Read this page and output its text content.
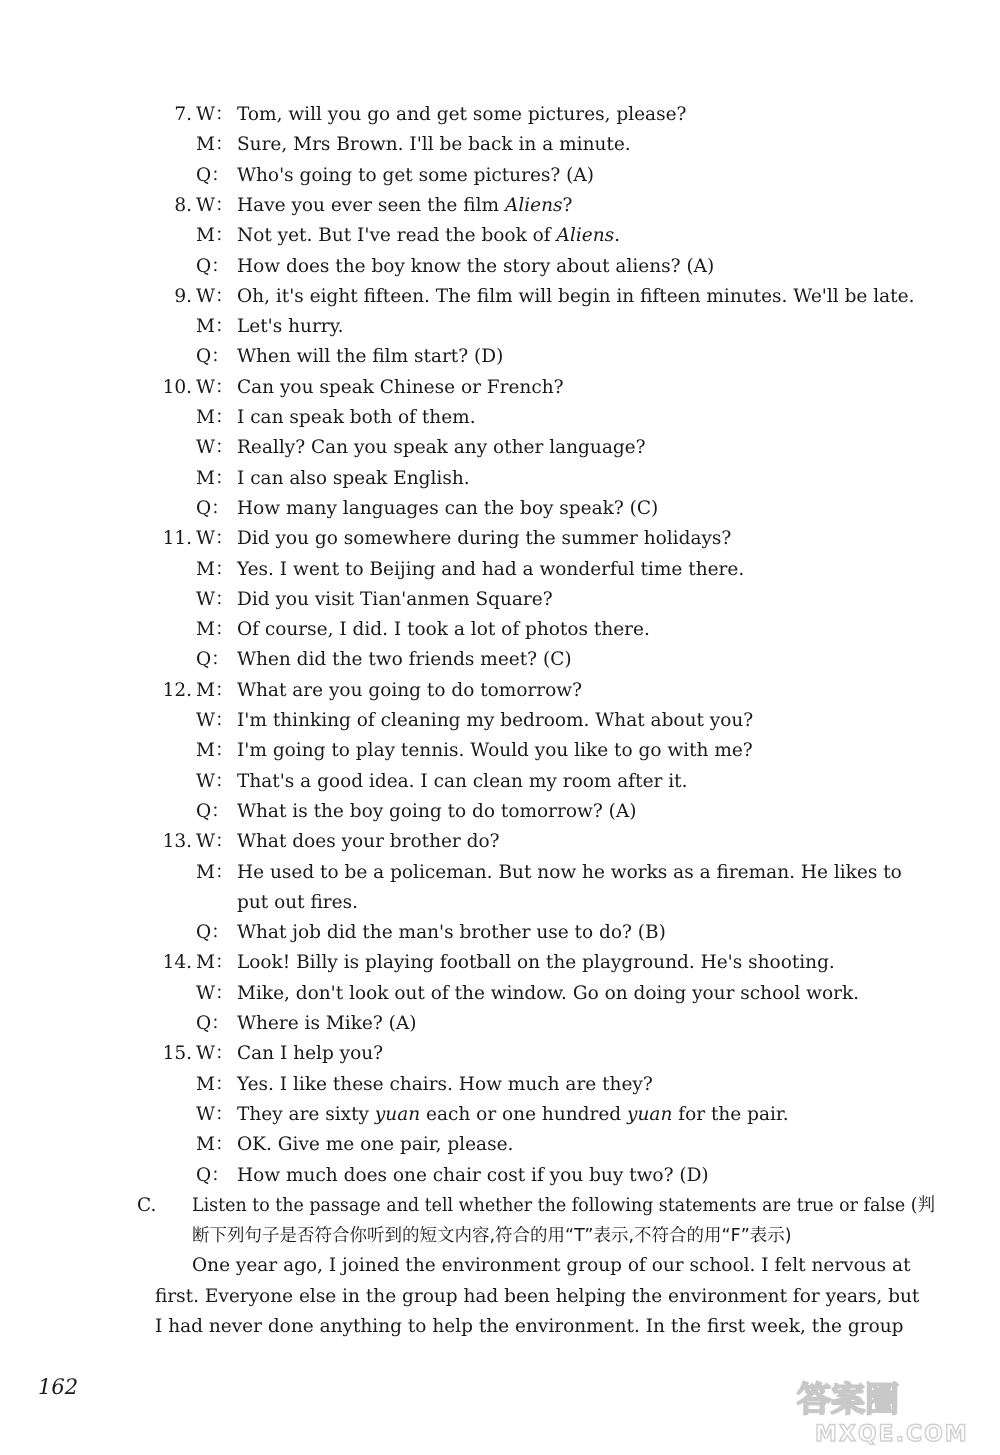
7. W： Tom, will you go and get some pictures, please?
M： Sure, Mrs Brown. I'll be back in a minute.
Q： Who's going to get some pictures? (A)
8. W： Have you ever seen the film Aliens?
M： Not yet. But I've read the book of Aliens.
Q： How does the boy know the story about aliens? (A)
9. W： Oh, it's eight fifteen. The film will begin in fifteen minutes. We'll be late.
M： Let's hurry.
Q： When will the film start? (D)
10. W： Can you speak Chinese or French?
M： I can speak both of them.
W： Really? Can you speak any other language?
M： I can also speak English.
Q： How many languages can the boy speak? (C)
11. W： Did you go somewhere during the summer holidays?
M： Yes. I went to Beijing and had a wonderful time there.
W： Did you visit Tian'anmen Square?
M： Of course, I did. I took a lot of photos there.
Q： When did the two friends meet? (C)
12. M： What are you going to do tomorrow?
W： I'm thinking of cleaning my bedroom. What about you?
M： I'm going to play tennis. Would you like to go with me?
W： That's a good idea. I can clean my room after it.
Q： What is the boy going to do tomorrow? (A)
13. W： What does your brother do?
M： He used to be a policeman. But now he works as a fireman. He likes to
put out fires.
Q： What job did the man's brother use to do? (B)
14. M： Look! Billy is playing football on the playground. He's shooting.
W： Mike, don't look out of the window. Go on doing your school work.
Q： Where is Mike? (A)
15. W： Can I help you?
M： Yes. I like these chairs. How much are they?
W： They are sixty yuan each or one hundred yuan for the pair.
M： OK. Give me one pair, please.
Q： How much does one chair cost if you buy two? (D)
C.	Listen to the passage and tell whether the following statements are true or false (判
断下列句子是否符合你听到的短文内容,符合的用“T”表示,不符合的用“F”表示)
One year ago, I joined the environment group of our school. I felt nervous at
first. Everyone else in the group had been helping the environment for years, but
I had never done anything to help the environment. In the first week, the group
162	答案圈
MXQE.COM
